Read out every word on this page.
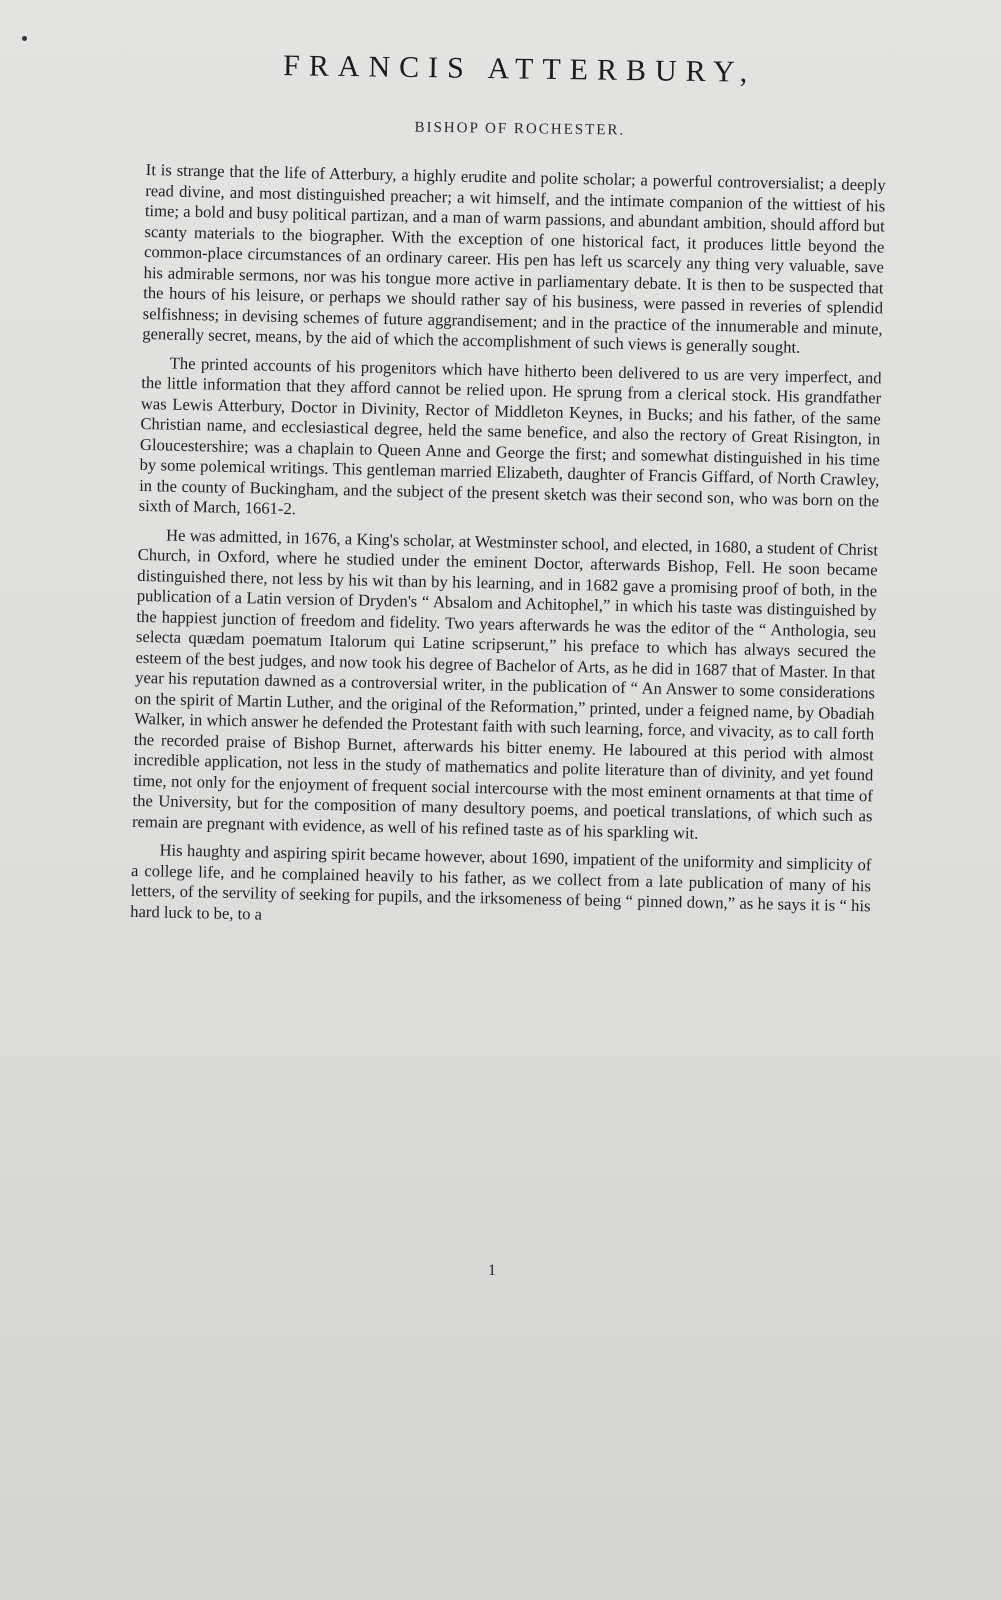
FRANCIS ATTERBURY,
BISHOP OF ROCHESTER.

It is strange that the life of Atterbury, a highly erudite and polite scholar; a powerful controversialist; a deeply read divine, and most distinguished preacher; a wit himself, and the intimate companion of the wittiest of his time; a bold and busy political partizan, and a man of warm passions, and abundant ambition, should afford but scanty materials to the biographer. With the exception of one historical fact, it produces little beyond the common-place circumstances of an ordinary career. His pen has left us scarcely any thing very valuable, save his admirable sermons, nor was his tongue more active in parliamentary debate. It is then to be suspected that the hours of his leisure, or perhaps we should rather say of his business, were passed in reveries of splendid selfishness; in devising schemes of future aggrandisement; and in the practice of the innumerable and minute, generally secret, means, by the aid of which the accomplishment of such views is generally sought.

The printed accounts of his progenitors which have hitherto been delivered to us are very imperfect, and the little information that they afford cannot be relied upon. He sprung from a clerical stock. His grandfather was Lewis Atterbury, Doctor in Divinity, Rector of Middleton Keynes, in Bucks; and his father, of the same Christian name, and ecclesiastical degree, held the same benefice, and also the rectory of Great Risington, in Gloucestershire; was a chaplain to Queen Anne and George the first; and somewhat distinguished in his time by some polemical writings. This gentleman married Elizabeth, daughter of Francis Giffard, of North Crawley, in the county of Buckingham, and the subject of the present sketch was their second son, who was born on the sixth of March, 1661-2.

He was admitted, in 1676, a King's scholar, at Westminster school, and elected, in 1680, a student of Christ Church, in Oxford, where he studied under the eminent Doctor, afterwards Bishop, Fell. He soon became distinguished there, not less by his wit than by his learning, and in 1682 gave a promising proof of both, in the publication of a Latin version of Dryden's “ Absalom and Achitophel,” in which his taste was distinguished by the happiest junction of freedom and fidelity. Two years afterwards he was the editor of the “ Anthologia, seu selecta quædam poematum Italorum qui Latine scripserunt,” his preface to which has always secured the esteem of the best judges, and now took his degree of Bachelor of Arts, as he did in 1687 that of Master. In that year his reputation dawned as a controversial writer, in the publication of “ An Answer to some considerations on the spirit of Martin Luther, and the original of the Reformation,” printed, under a feigned name, by Obadiah Walker, in which answer he defended the Protestant faith with such learning, force, and vivacity, as to call forth the recorded praise of Bishop Burnet, afterwards his bitter enemy. He laboured at this period with almost incredible application, not less in the study of mathematics and polite literature than of divinity, and yet found time, not only for the enjoyment of frequent social intercourse with the most eminent ornaments at that time of the University, but for the composition of many desultory poems, and poetical translations, of which such as remain are pregnant with evidence, as well of his refined taste as of his sparkling wit.

His haughty and aspiring spirit became however, about 1690, impatient of the uniformity and simplicity of a college life, and he complained heavily to his father, as we collect from a late publication of many of his letters, of the servility of seeking for pupils, and the irksomeness of being “ pinned down,” as he says it is “ his hard luck to be, to a

1
